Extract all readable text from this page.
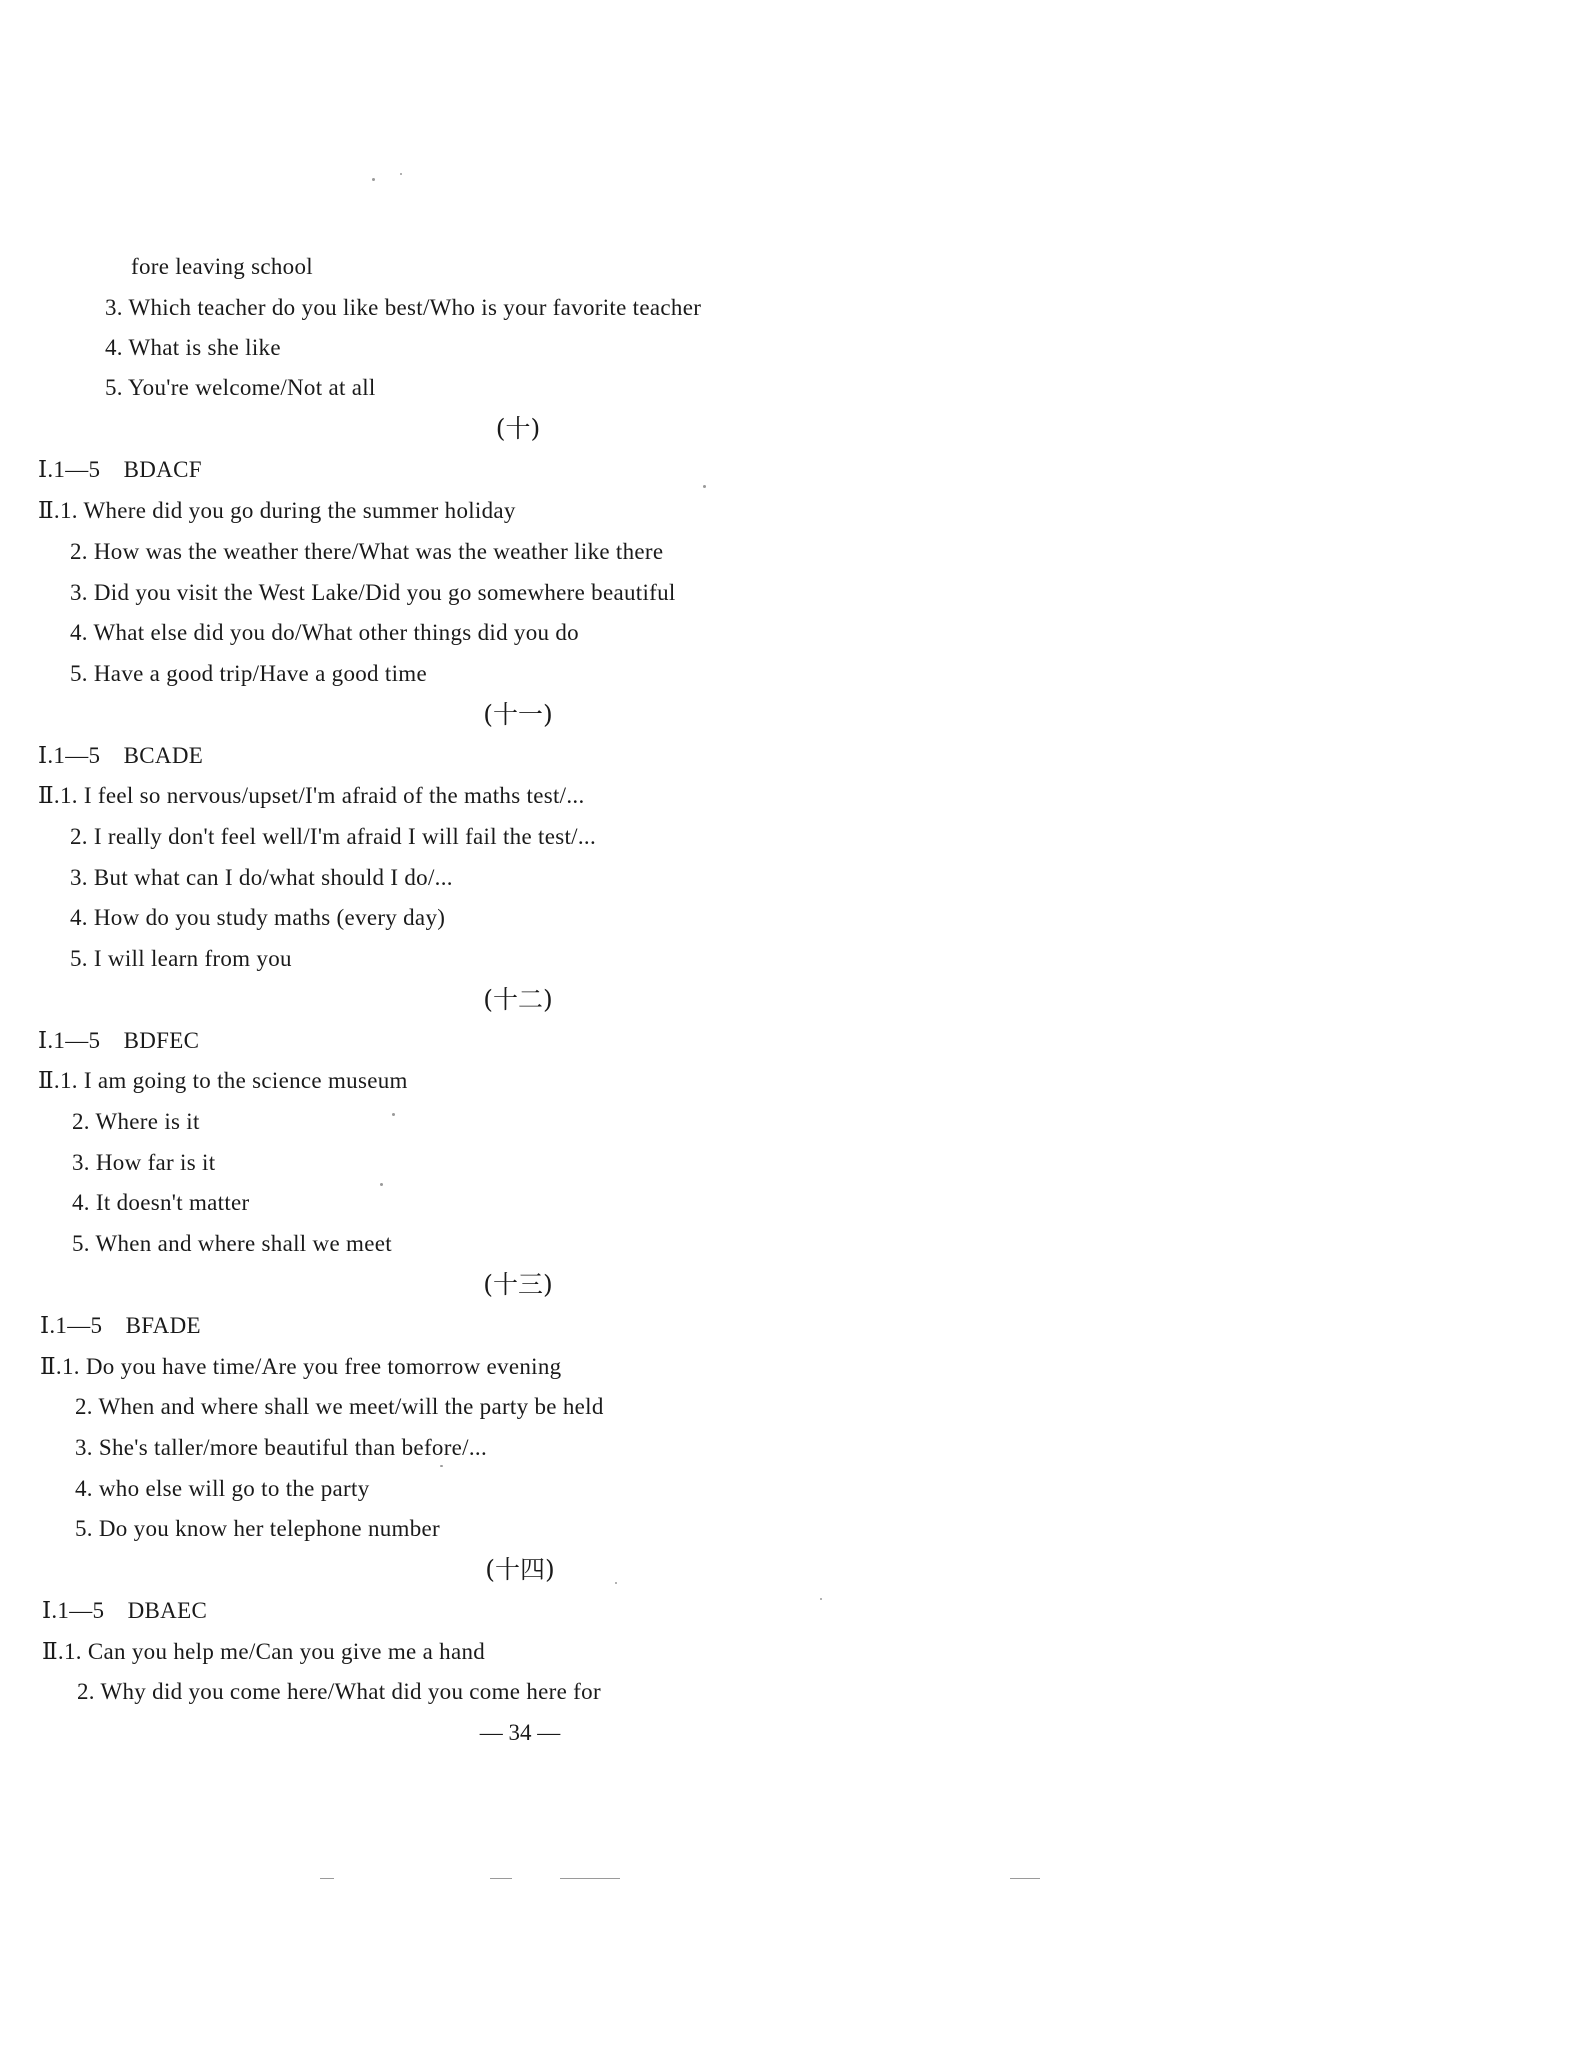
fore leaving school
3. Which teacher do you like best/Who is your favorite teacher
4. What is she like
5. You're welcome/Not at all
(十)
Ⅰ.1—5　BDACF
Ⅱ.1. Where did you go during the summer holiday
2. How was the weather there/What was the weather like there
3. Did you visit the West Lake/Did you go somewhere beautiful
4. What else did you do/What other things did you do
5. Have a good trip/Have a good time
(十一)
Ⅰ.1—5　BCADE
Ⅱ.1. I feel so nervous/upset/I'm afraid of the maths test/...
2. I really don't feel well/I'm afraid I will fail the test/...
3. But what can I do/what should I do/...
4. How do you study maths (every day)
5. I will learn from you
(十二)
Ⅰ.1—5　BDFEC
Ⅱ.1. I am going to the science museum
2. Where is it
3. How far is it
4. It doesn't matter
5. When and where shall we meet
(十三)
Ⅰ.1—5　BFADE
Ⅱ.1. Do you have time/Are you free tomorrow evening
2. When and where shall we meet/will the party be held
3. She's taller/more beautiful than before/...
4. who else will go to the party
5. Do you know her telephone number
(十四)
Ⅰ.1—5　DBAEC
Ⅱ.1. Can you help me/Can you give me a hand
2. Why did you come here/What did you come here for
— 34 —
